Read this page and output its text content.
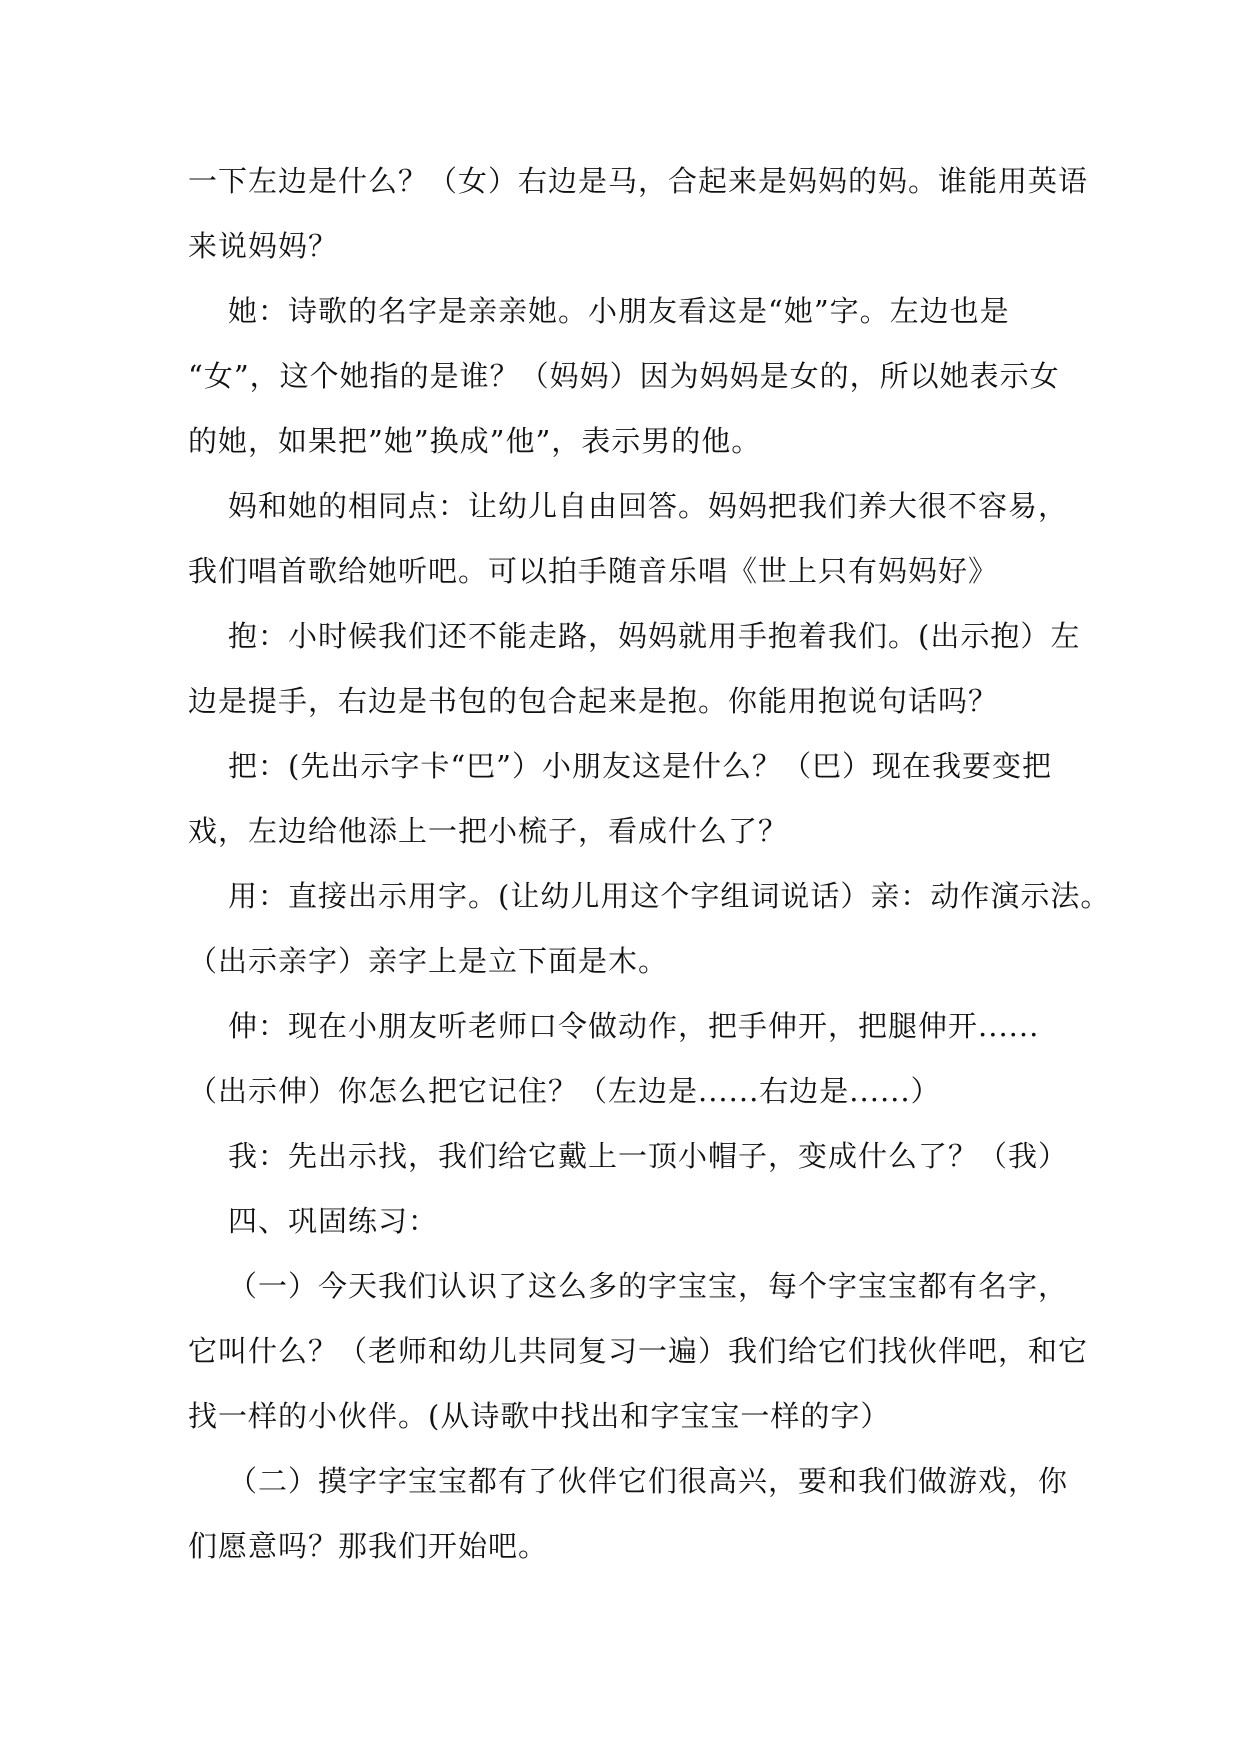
一下左边是什么？（女）右边是马，合起来是妈妈的妈。谁能用英语
来说妈妈？
她：诗歌的名字是亲亲她。小朋友看这是“她”字。左边也是
“女”，这个她指的是谁？（妈妈）因为妈妈是女的，所以她表示女
的她，如果把”她”换成”他”，表示男的他。
妈和她的相同点：让幼儿自由回答。妈妈把我们养大很不容易，
我们唱首歌给她听吧。可以拍手随音乐唱《世上只有妈妈好》
抱：小时候我们还不能走路，妈妈就用手抱着我们。(出示抱）左
边是提手，右边是书包的包合起来是抱。你能用抱说句话吗？
把：(先出示字卡“巴”）小朋友这是什么？（巴）现在我要变把
戏，左边给他添上一把小梳子，看成什么了？
用：直接出示用字。(让幼儿用这个字组词说话）亲：动作演示法。
（出示亲字）亲字上是立下面是木。
伸：现在小朋友听老师口令做动作，把手伸开，把腿伸开......
（出示伸）你怎么把它记住？（左边是......右边是......）
我：先出示找，我们给它戴上一顶小帽子，变成什么了？（我）
四、巩固练习：
（一）今天我们认识了这么多的字宝宝，每个字宝宝都有名字，
它叫什么？（老师和幼儿共同复习一遍）我们给它们找伙伴吧，和它
找一样的小伙伴。(从诗歌中找出和字宝宝一样的字）
（二）摸字字宝宝都有了伙伴它们很高兴，要和我们做游戏，你
们愿意吗？那我们开始吧。
